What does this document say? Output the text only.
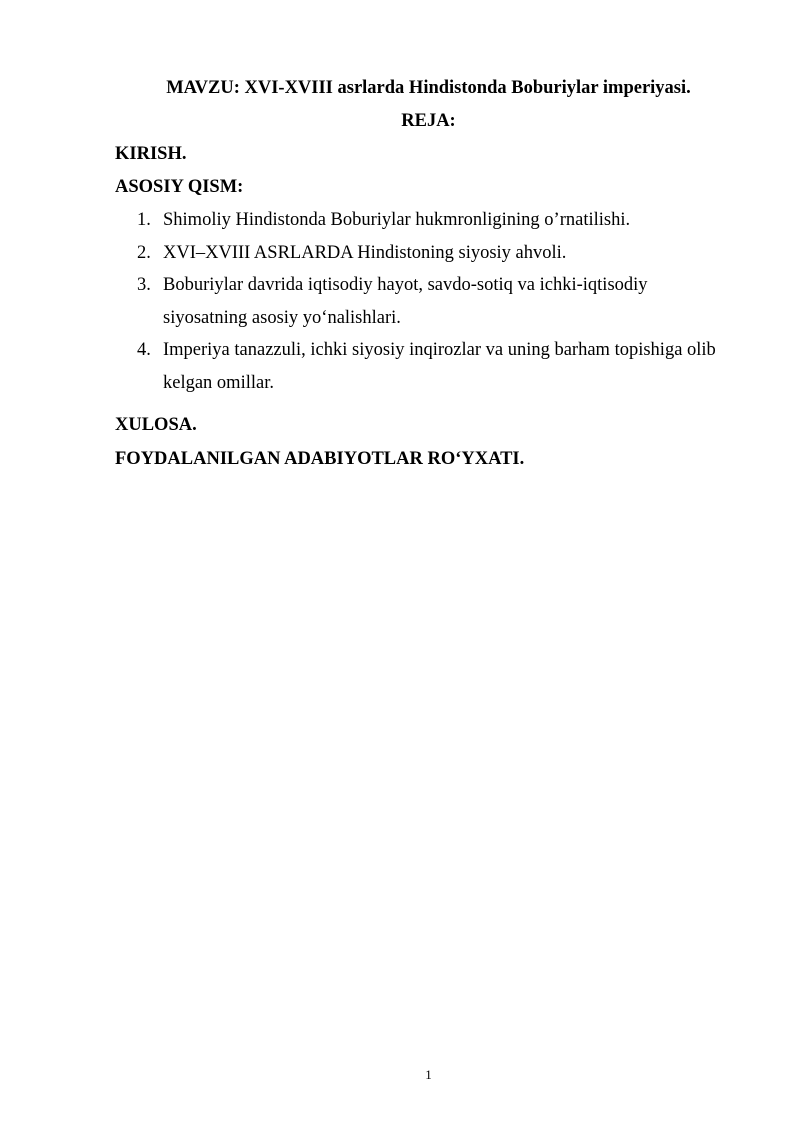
MAVZU: XVI-XVIII asrlarda Hindistonda Boburiylar imperiyasi.
REJA:
KIRISH.
ASOSIY QISM:
1. Shimoliy Hindistonda Boburiylar hukmronligining o’rnatilishi.
2. XVI–XVIII ASRLARDA Hindistoning siyosiy ahvoli.
3. Boburiylar davrida iqtisodiy hayot, savdo-sotiq va ichki-iqtisodiy siyosatning asosiy yo‘nalishlari.
4. Imperiya tanazzuli, ichki siyosiy inqirozlar va uning barham topishiga olib kelgan omillar.
XULOSA.
FOYDALANILGAN ADABIYOTLAR RO‘YXATI.
1
